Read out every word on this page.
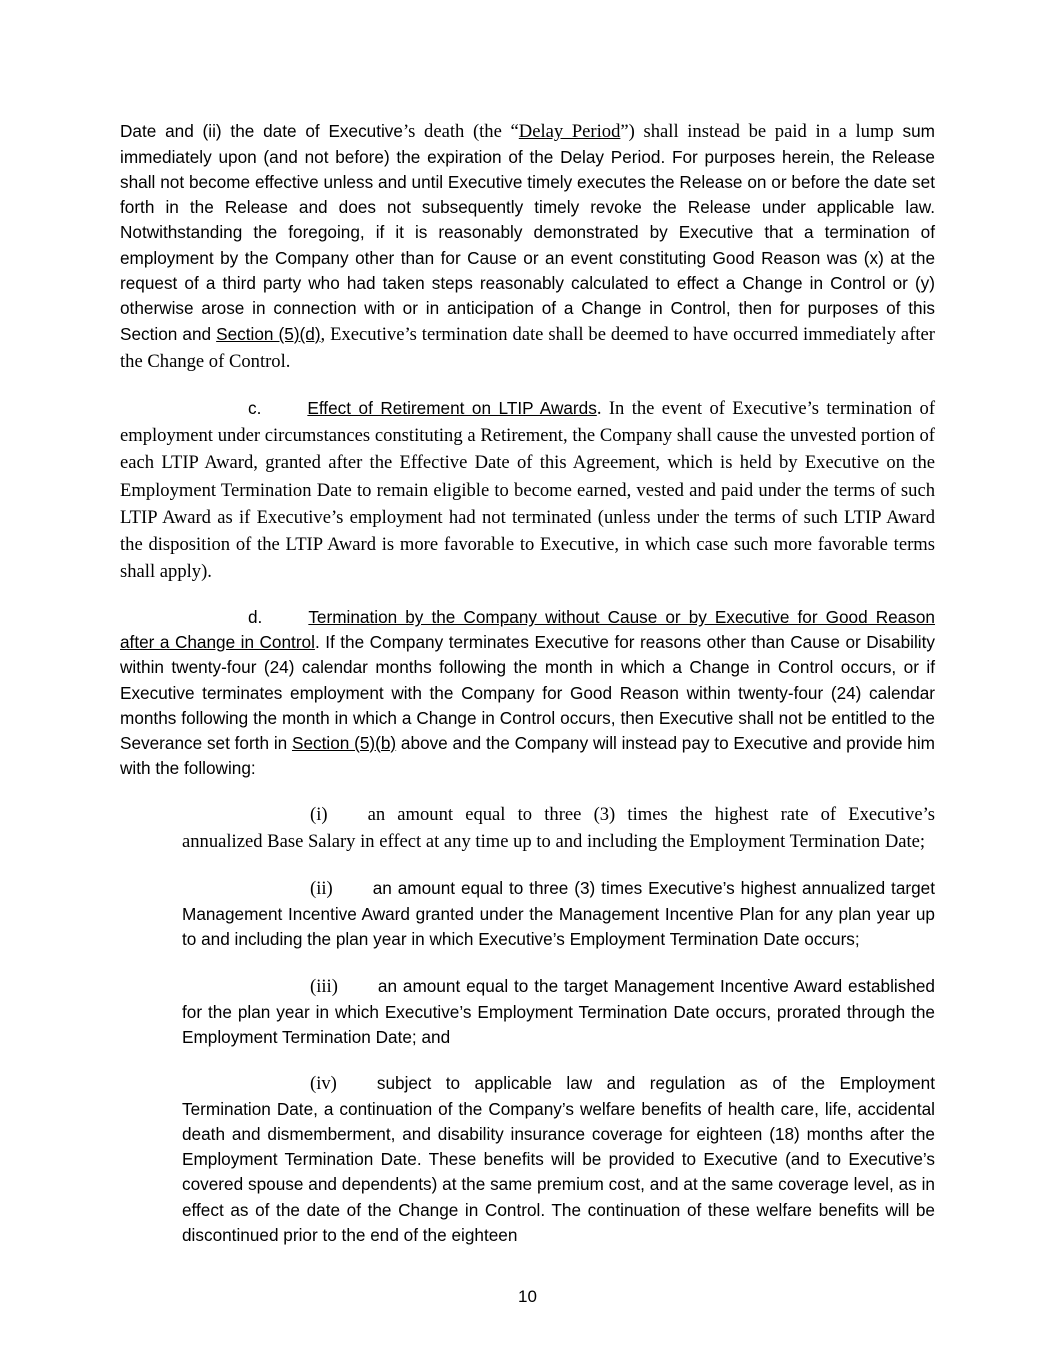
Date and (ii) the date of Executive’s death (the “Delay Period”) shall instead be paid in a lump sum immediately upon (and not before) the expiration of the Delay Period. For purposes herein, the Release shall not become effective unless and until Executive timely executes the Release on or before the date set forth in the Release and does not subsequently timely revoke the Release under applicable law. Notwithstanding the foregoing, if it is reasonably demonstrated by Executive that a termination of employment by the Company other than for Cause or an event constituting Good Reason was (x) at the request of a third party who had taken steps reasonably calculated to effect a Change in Control or (y) otherwise arose in connection with or in anticipation of a Change in Control, then for purposes of this Section and Section (5)(d), Executive’s termination date shall be deemed to have occurred immediately after the Change of Control.

c.	Effect of Retirement on LTIP Awards. In the event of Executive’s termination of employment under circumstances constituting a Retirement, the Company shall cause the unvested portion of each LTIP Award, granted after the Effective Date of this Agreement, which is held by Executive on the Employment Termination Date to remain eligible to become earned, vested and paid under the terms of such LTIP Award as if Executive’s employment had not terminated (unless under the terms of such LTIP Award the disposition of the LTIP Award is more favorable to Executive, in which case such more favorable terms shall apply).

d.	Termination by the Company without Cause or by Executive for Good Reason after a Change in Control. If the Company terminates Executive for reasons other than Cause or Disability within twenty-four (24) calendar months following the month in which a Change in Control occurs, or if Executive terminates employment with the Company for Good Reason within twenty-four (24) calendar months following the month in which a Change in Control occurs, then Executive shall not be entitled to the Severance set forth in Section (5)(b) above and the Company will instead pay to Executive and provide him with the following:

(i) an amount equal to three (3) times the highest rate of Executive’s annualized Base Salary in effect at any time up to and including the Employment Termination Date;

(ii) an amount equal to three (3) times Executive’s highest annualized target Management Incentive Award granted under the Management Incentive Plan for any plan year up to and including the plan year in which Executive’s Employment Termination Date occurs;

(iii) an amount equal to the target Management Incentive Award established for the plan year in which Executive’s Employment Termination Date occurs, prorated through the Employment Termination Date; and

(iv) subject to applicable law and regulation as of the Employment Termination Date, a continuation of the Company’s welfare benefits of health care, life, accidental death and dismemberment, and disability insurance coverage for eighteen (18) months after the Employment Termination Date. These benefits will be provided to Executive (and to Executive’s covered spouse and dependents) at the same premium cost, and at the same coverage level, as in effect as of the date of the Change in Control. The continuation of these welfare benefits will be discontinued prior to the end of the eighteen

10
